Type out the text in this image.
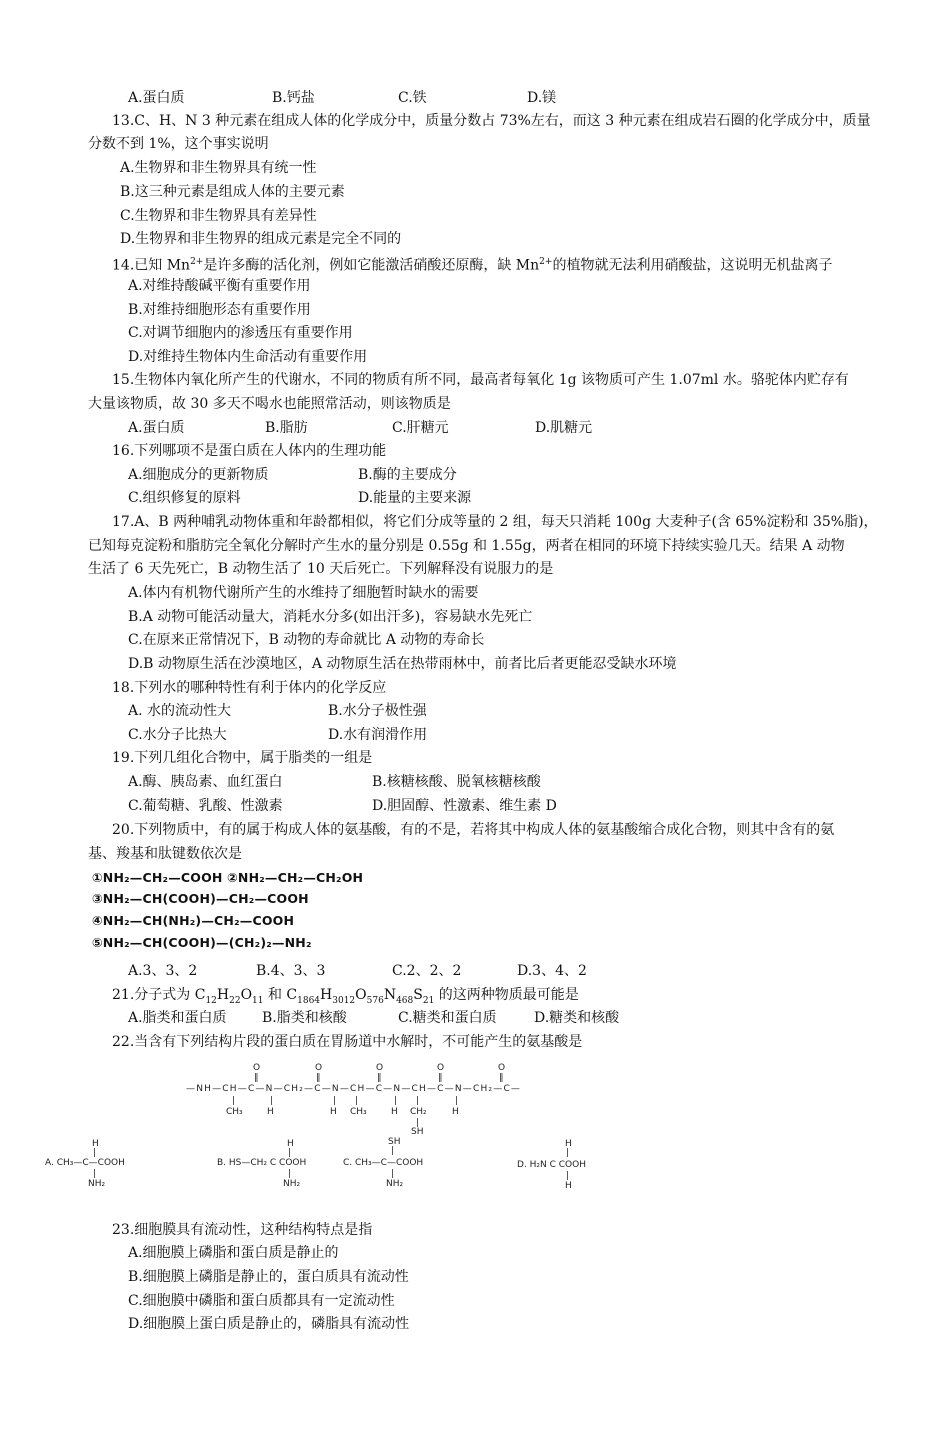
A.蛋白质	B.钙盐	C.铁	D.镁
13.C、H、N 3 种元素在组成人体的化学成分中，质量分数占 73%左右，而这 3 种元素在组成岩石圈的化学成分中，质量
分数不到 1%，这个事实说明
A.生物界和非生物界具有统一性
B.这三种元素是组成人体的主要元素
C.生物界和非生物界具有差异性
D.生物界和非生物界的组成元素是完全不同的
14.已知 $Mn^{2+}$是许多酶的活化剂，例如它能激活硝酸还原酶，缺 $Mn^{2+}$的植物就无法利用硝酸盐，这说明无机盐离子
A.对维持酸碱平衡有重要作用
B.对维持细胞形态有重要作用
C.对调节细胞内的渗透压有重要作用
D.对维持生物体内生命活动有重要作用
15.生物体内氧化所产生的代谢水，不同的物质有所不同，最高者每氧化 1g 该物质可产生 1.07ml 水。骆驼体内贮存有
大量该物质，故 30 多天不喝水也能照常活动，则该物质是
A.蛋白质	B.脂肪	C.肝糖元	D.肌糖元
16.下列哪项不是蛋白质在人体内的生理功能
A.细胞成分的更新物质	B.酶的主要成分
C.组织修复的原料	D.能量的主要来源
17.A、B 两种哺乳动物体重和年龄都相似，将它们分成等量的 2 组，每天只消耗 100g 大麦种子(含 65%淀粉和 35%脂)，
已知每克淀粉和脂肪完全氧化分解时产生水的量分别是 0.55g 和 1.55g，两者在相同的环境下持续实验几天。结果 A 动物
生活了 6 天先死亡，B 动物生活了 10 天后死亡。下列解释没有说服力的是
A.体内有机物代谢所产生的水维持了细胞暂时缺水的需要
B.A 动物可能活动量大，消耗水分多(如出汗多)，容易缺水先死亡
C.在原来正常情况下，B 动物的寿命就比 A 动物的寿命长
D.B 动物原生活在沙漠地区，A 动物原生活在热带雨林中，前者比后者更能忍受缺水环境
18.下列水的哪种特性有利于体内的化学反应
A. 水的流动性大	B.水分子极性强
C.水分子比热大	D.水有润滑作用
19.下列几组化合物中，属于脂类的一组是
A.酶、胰岛素、血红蛋白	B.核糖核酸、脱氧核糖核酸
C.葡萄糖、乳酸、性激素	D.胆固醇、性激素、维生素 D
20.下列物质中，有的属于构成人体的氨基酸，有的不是，若将其中构成人体的氨基酸缩合成化合物，则其中含有的氨
基、羧基和肽键数依次是
①NH₂—CH₂—COOH ②NH₂—CH₂—CH₂OH
③NH₂—CH(COOH)—CH₂—COOH
④NH₂—CH(NH₂)—CH₂—COOH
⑤NH₂—CH(COOH)—(CH₂)₂—NH₂
A.3、3、2	B.4、3、3	C.2、2、2	D.3、4、2
21.分子式为 $C_{12}H_{22}O_{11}$ 和 $C_{1864}H_{3012}O_{576}N_{468}S_{21}$ 的这两种物质最可能是
A.脂类和蛋白质	B.脂类和核酸	C.糖类和蛋白质	D.糖类和核酸
22.当含有下列结构片段的蛋白质在胃肠道中水解时，不可能产生的氨基酸是
O	O	O	O	O
‖	‖	‖	‖	‖
—NH—CH—C—N—CH₂—C—N—CH—C—N—CH—C—N—CH₂—C—
|	|	| |	| |	|
CH₃	H	H CH₃	H CH₂	H
|
SH
H
|
A. CH₃—C—COOH
|
NH₂
H
|
B. HS—CH₂ C COOH
|
NH₂
SH
|
C. CH₃—C—COOH
|
NH₂
H
|
D. H₂N C COOH
|
H
23.细胞膜具有流动性，这种结构特点是指
A.细胞膜上磷脂和蛋白质是静止的
B.细胞膜上磷脂是静止的，蛋白质具有流动性
C.细胞膜中磷脂和蛋白质都具有一定流动性
D.细胞膜上蛋白质是静止的，磷脂具有流动性
